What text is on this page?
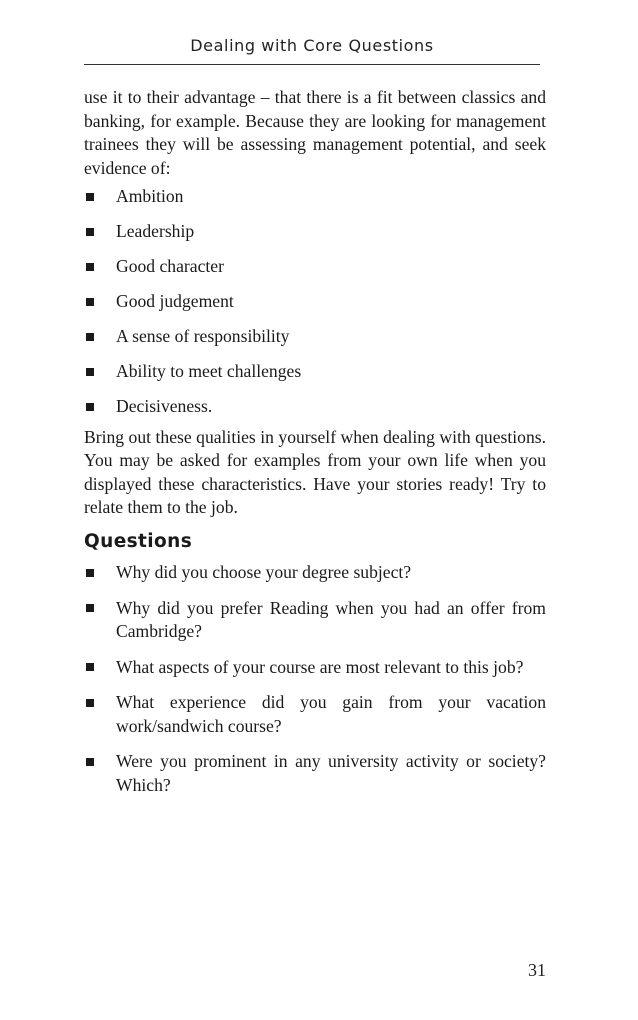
Dealing with Core Questions

use it to their advantage – that there is a fit between classics and banking, for example. Because they are looking for management trainees they will be assessing management potential, and seek evidence of:

Ambition
Leadership
Good character
Good judgement
A sense of responsibility
Ability to meet challenges
Decisiveness.

Bring out these qualities in yourself when dealing with questions. You may be asked for examples from your own life when you displayed these characteristics. Have your stories ready! Try to relate them to the job.

Questions
Why did you choose your degree subject?
Why did you prefer Reading when you had an offer from Cambridge?
What aspects of your course are most relevant to this job?
What experience did you gain from your vacation work/sandwich course?
Were you prominent in any university activity or society? Which?
31
